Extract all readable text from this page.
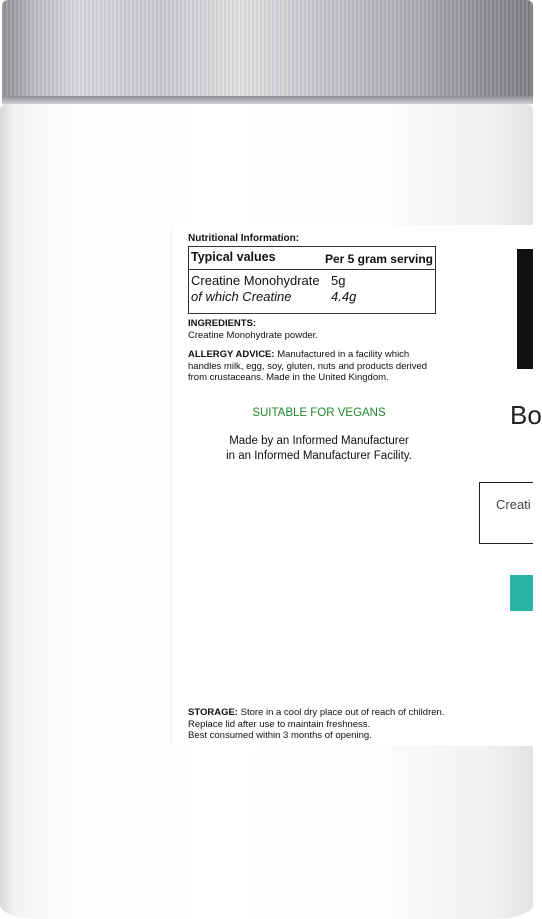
Nutritional Information:
Typical values	Per 5 gram serving
Creatine Monohydrate 5g
of which Creatine	4.4g
INGREDIENTS:
Creatine Monohydrate powder.
ALLERGY ADVICE: Manufactured in a facility which handles milk, egg, soy, gluten, nuts and products derived from crustaceans. Made in the United Kingdom.
SUITABLE FOR VEGANS
Made by an Informed Manufacturer
in an Informed Manufacturer Facility.
STORAGE: Store in a cool dry place out of reach of children.
Replace lid after use to maintain freshness.
Best consumed within 3 months of opening.
Bo
Creati
